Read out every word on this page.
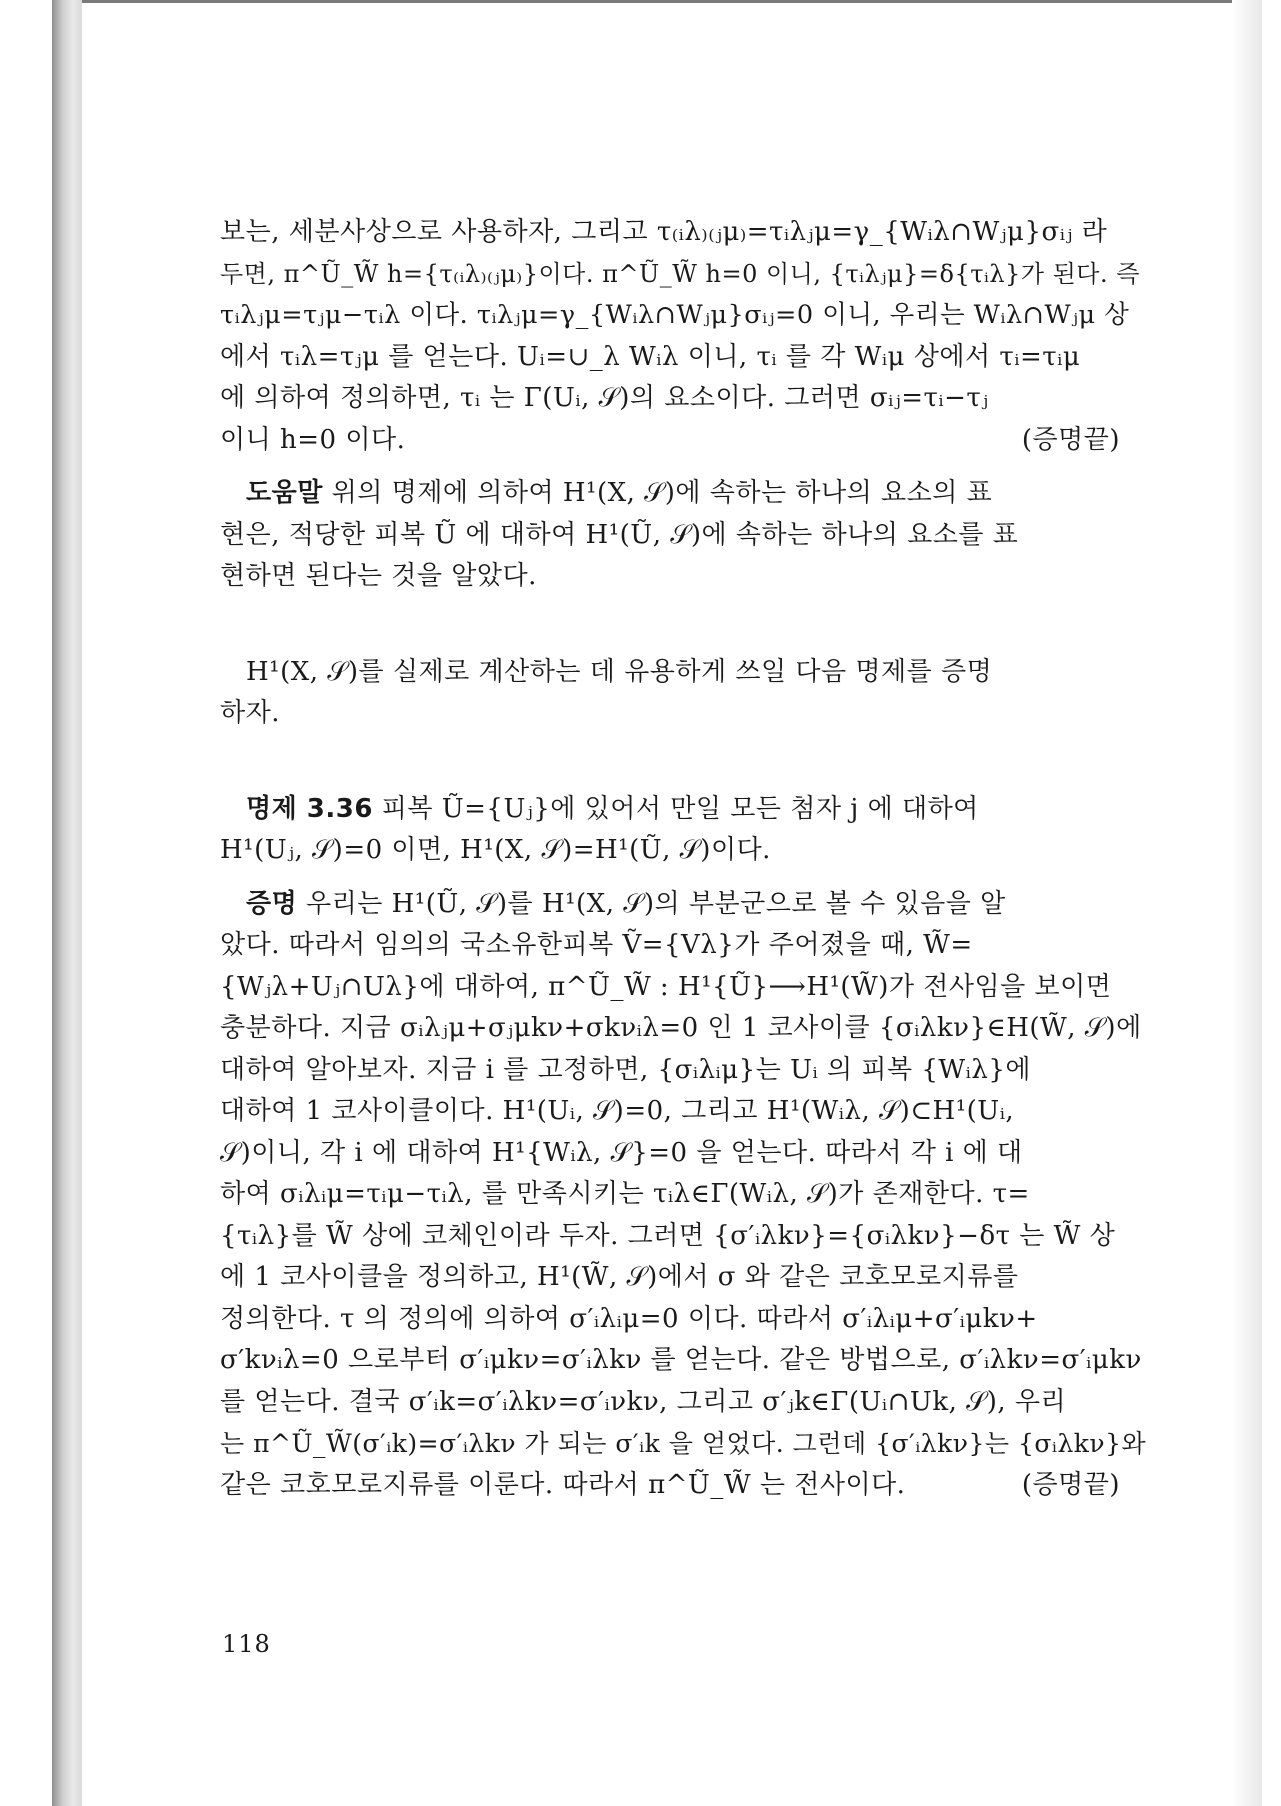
보는, 세분사상으로 사용하자, 그리고 τ₍ᵢλ₎₍ⱼμ₎=τᵢλⱼμ=γ_{Wᵢλ∩Wⱼμ}σᵢⱼ 라
두면, π^Ũ_W̃ h={τ₍ᵢλ₎₍ⱼμ₎}이다. π^Ũ_W̃ h=0 이니, {τᵢλⱼμ}=δ{τᵢλ}가 된다. 즉
τᵢλⱼμ=τⱼμ−τᵢλ 이다. τᵢλⱼμ=γ_{Wᵢλ∩Wⱼμ}σᵢⱼ=0 이니, 우리는 Wᵢλ∩Wⱼμ 상
에서 τᵢλ=τⱼμ 를 얻는다. Uᵢ=∪_λ Wᵢλ 이니, τᵢ 를 각 Wᵢμ 상에서 τᵢ=τᵢμ
에 의하여 정의하면, τᵢ 는 Γ(Uᵢ, 𝒮)의 요소이다. 그러면 σᵢⱼ=τᵢ−τⱼ
이니 h=0 이다.	(증명끝)
도움말 위의 명제에 의하여 H¹(X, 𝒮)에 속하는 하나의 요소의 표
현은, 적당한 피복 Ũ 에 대하여 H¹(Ũ, 𝒮)에 속하는 하나의 요소를 표
현하면 된다는 것을 알았다.
H¹(X, 𝒮)를 실제로 계산하는 데 유용하게 쓰일 다음 명제를 증명
하자.
명제 3.36 피복 Ũ={Uⱼ}에 있어서 만일 모든 첨자 j 에 대하여
H¹(Uⱼ, 𝒮)=0 이면, H¹(X, 𝒮)=H¹(Ũ, 𝒮)이다.
증명 우리는 H¹(Ũ, 𝒮)를 H¹(X, 𝒮)의 부분군으로 볼 수 있음을 알
았다. 따라서 임의의 국소유한피복 Ṽ={Vλ}가 주어졌을 때, W̃=
{Wⱼλ+Uⱼ∩Uλ}에 대하여, π^Ũ_W̃ : H¹{Ũ}⟶H¹(W̃)가 전사임을 보이면
충분하다. 지금 σᵢλⱼμ+σⱼμkν+σkνᵢλ=0 인 1 코사이클 {σᵢλkν}∈H(W̃, 𝒮)에
대하여 알아보자. 지금 i 를 고정하면, {σᵢλᵢμ}는 Uᵢ 의 피복 {Wᵢλ}에
대하여 1 코사이클이다. H¹(Uᵢ, 𝒮)=0, 그리고 H¹(Wᵢλ, 𝒮)⊂H¹(Uᵢ,
𝒮)이니, 각 i 에 대하여 H¹{Wᵢλ, 𝒮}=0 을 얻는다. 따라서 각 i 에 대
하여 σᵢλᵢμ=τᵢμ−τᵢλ, 를 만족시키는 τᵢλ∈Γ(Wᵢλ, 𝒮)가 존재한다. τ=
{τᵢλ}를 W̃ 상에 코체인이라 두자. 그러면 {σ′ᵢλkν}={σᵢλkν}−δτ 는 W̃ 상
에 1 코사이클을 정의하고, H¹(W̃, 𝒮)에서 σ 와 같은 코호모로지류를
정의한다. τ 의 정의에 의하여 σ′ᵢλᵢμ=0 이다. 따라서 σ′ᵢλᵢμ+σ′ᵢμkν+
σ′kνᵢλ=0 으로부터 σ′ᵢμkν=σ′ᵢλkν 를 얻는다. 같은 방법으로, σ′ᵢλkν=σ′ᵢμkν
를 얻는다. 결국 σ′ᵢk=σ′ᵢλkν=σ′ᵢνkν, 그리고 σ′ⱼk∈Γ(Uᵢ∩Uk, 𝒮), 우리
는 π^Ũ_W̃(σ′ᵢk)=σ′ᵢλkν 가 되는 σ′ᵢk 을 얻었다. 그런데 {σ′ᵢλkν}는 {σᵢλkν}와
같은 코호모로지류를 이룬다. 따라서 π^Ũ_W̃ 는 전사이다.	(증명끝)
118
